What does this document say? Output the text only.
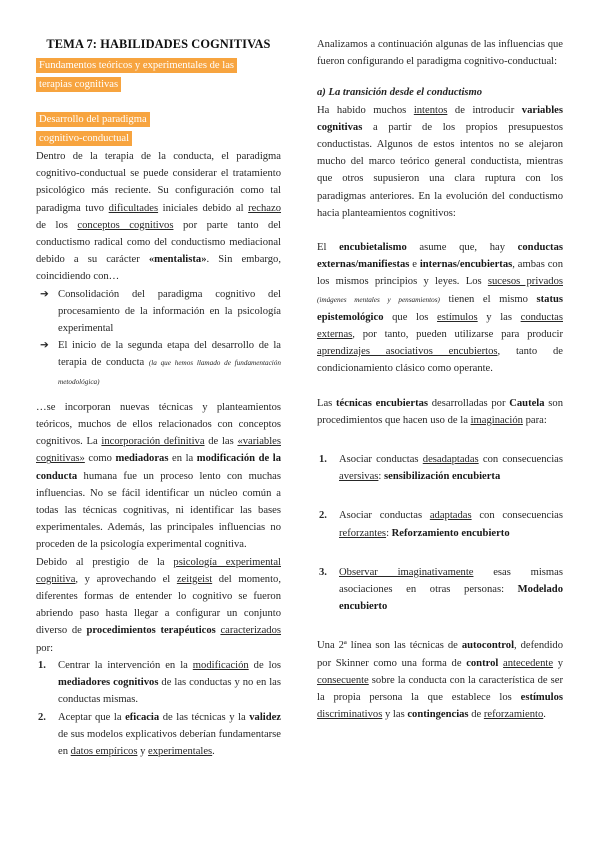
TEMA 7: HABILIDADES COGNITIVAS
Fundamentos teóricos y experimentales de las
terapias cognitivas
Desarrollo del paradigma
cognitivo-conductual

Dentro de la terapia de la conducta, el paradigma cognitivo-conductual se puede considerar el tratamiento psicológico más reciente. Su configuración como tal paradigma tuvo dificultades iniciales debido al rechazo de los conceptos cognitivos por parte tanto del conductismo radical como del conductismo mediacional debido a su carácter «mentalista». Sin embargo, coincidiendo con…

➔ Consolidación del paradigma cognitivo del procesamiento de la información en la psicología experimental
➔ El inicio de la segunda etapa del desarrollo de la terapia de conducta (la que hemos llamado de fundamentación metodológica)

…se incorporan nuevas técnicas y planteamientos teóricos, muchos de ellos relacionados con conceptos cognitivos. La incorporación definitiva de las «variables cognitivas» como mediadoras en la modificación de la conducta humana fue un proceso lento con muchas influencias. No se fácil identificar un núcleo común a todas las técnicas cognitivas, ni identificar las bases experimentales. Además, las principales influencias no proceden de la psicología experimental cognitiva.

Debido al prestigio de la psicología experimental cognitiva, y aprovechando el zeitgeist del momento, diferentes formas de entender lo cognitivo se fueron abriendo paso hasta llegar a configurar un conjunto diverso de procedimientos terapéuticos caracterizados por:

1. Centrar la intervención en la modificación de los mediadores cognitivos de las conductas y no en las conductas mismas.
2. Aceptar que la eficacia de las técnicas y la validez de sus modelos explicativos deberían fundamentarse en datos empíricos y experimentales.

Analizamos a continuación algunas de las influencias que fueron configurando el paradigma cognitivo-conductual:

a) La transición desde el conductismo

Ha habido muchos intentos de introducir variables cognitivas a partir de los propios presupuestos conductistas. Algunos de estos intentos no se alejaron mucho del marco teórico general conductista, mientras que otros supusieron una clara ruptura con los paradigmas anteriores. En la evolución del conductismo hacia planteamientos cognitivos:

El encubietalismo asume que, hay conductas externas/manifiestas e internas/encubiertas, ambas con los mismos principios y leyes. Los sucesos privados (imágenes mentales y pensamientos) tienen el mismo status epistemológico que los estímulos y las conductas externas, por tanto, pueden utilizarse para producir aprendizajes asociativos encubiertos, tanto de condicionamiento clásico como operante.

Las técnicas encubiertas desarrolladas por Cautela son procedimientos que hacen uso de la imaginación para:

1. Asociar conductas desadaptadas con consecuencias aversivas: sensibilización encubierta
2. Asociar conductas adaptadas con consecuencias reforzantes: Reforzamiento encubierto
3. Observar imaginativamente esas mismas asociaciones en otras personas: Modelado encubierto

Una 2ª línea son las técnicas de autocontrol, defendido por Skinner como una forma de control antecedente y consecuente sobre la conducta con la característica de ser la propia persona la que establece los estímulos discriminativos y las contingencias de reforzamiento.
